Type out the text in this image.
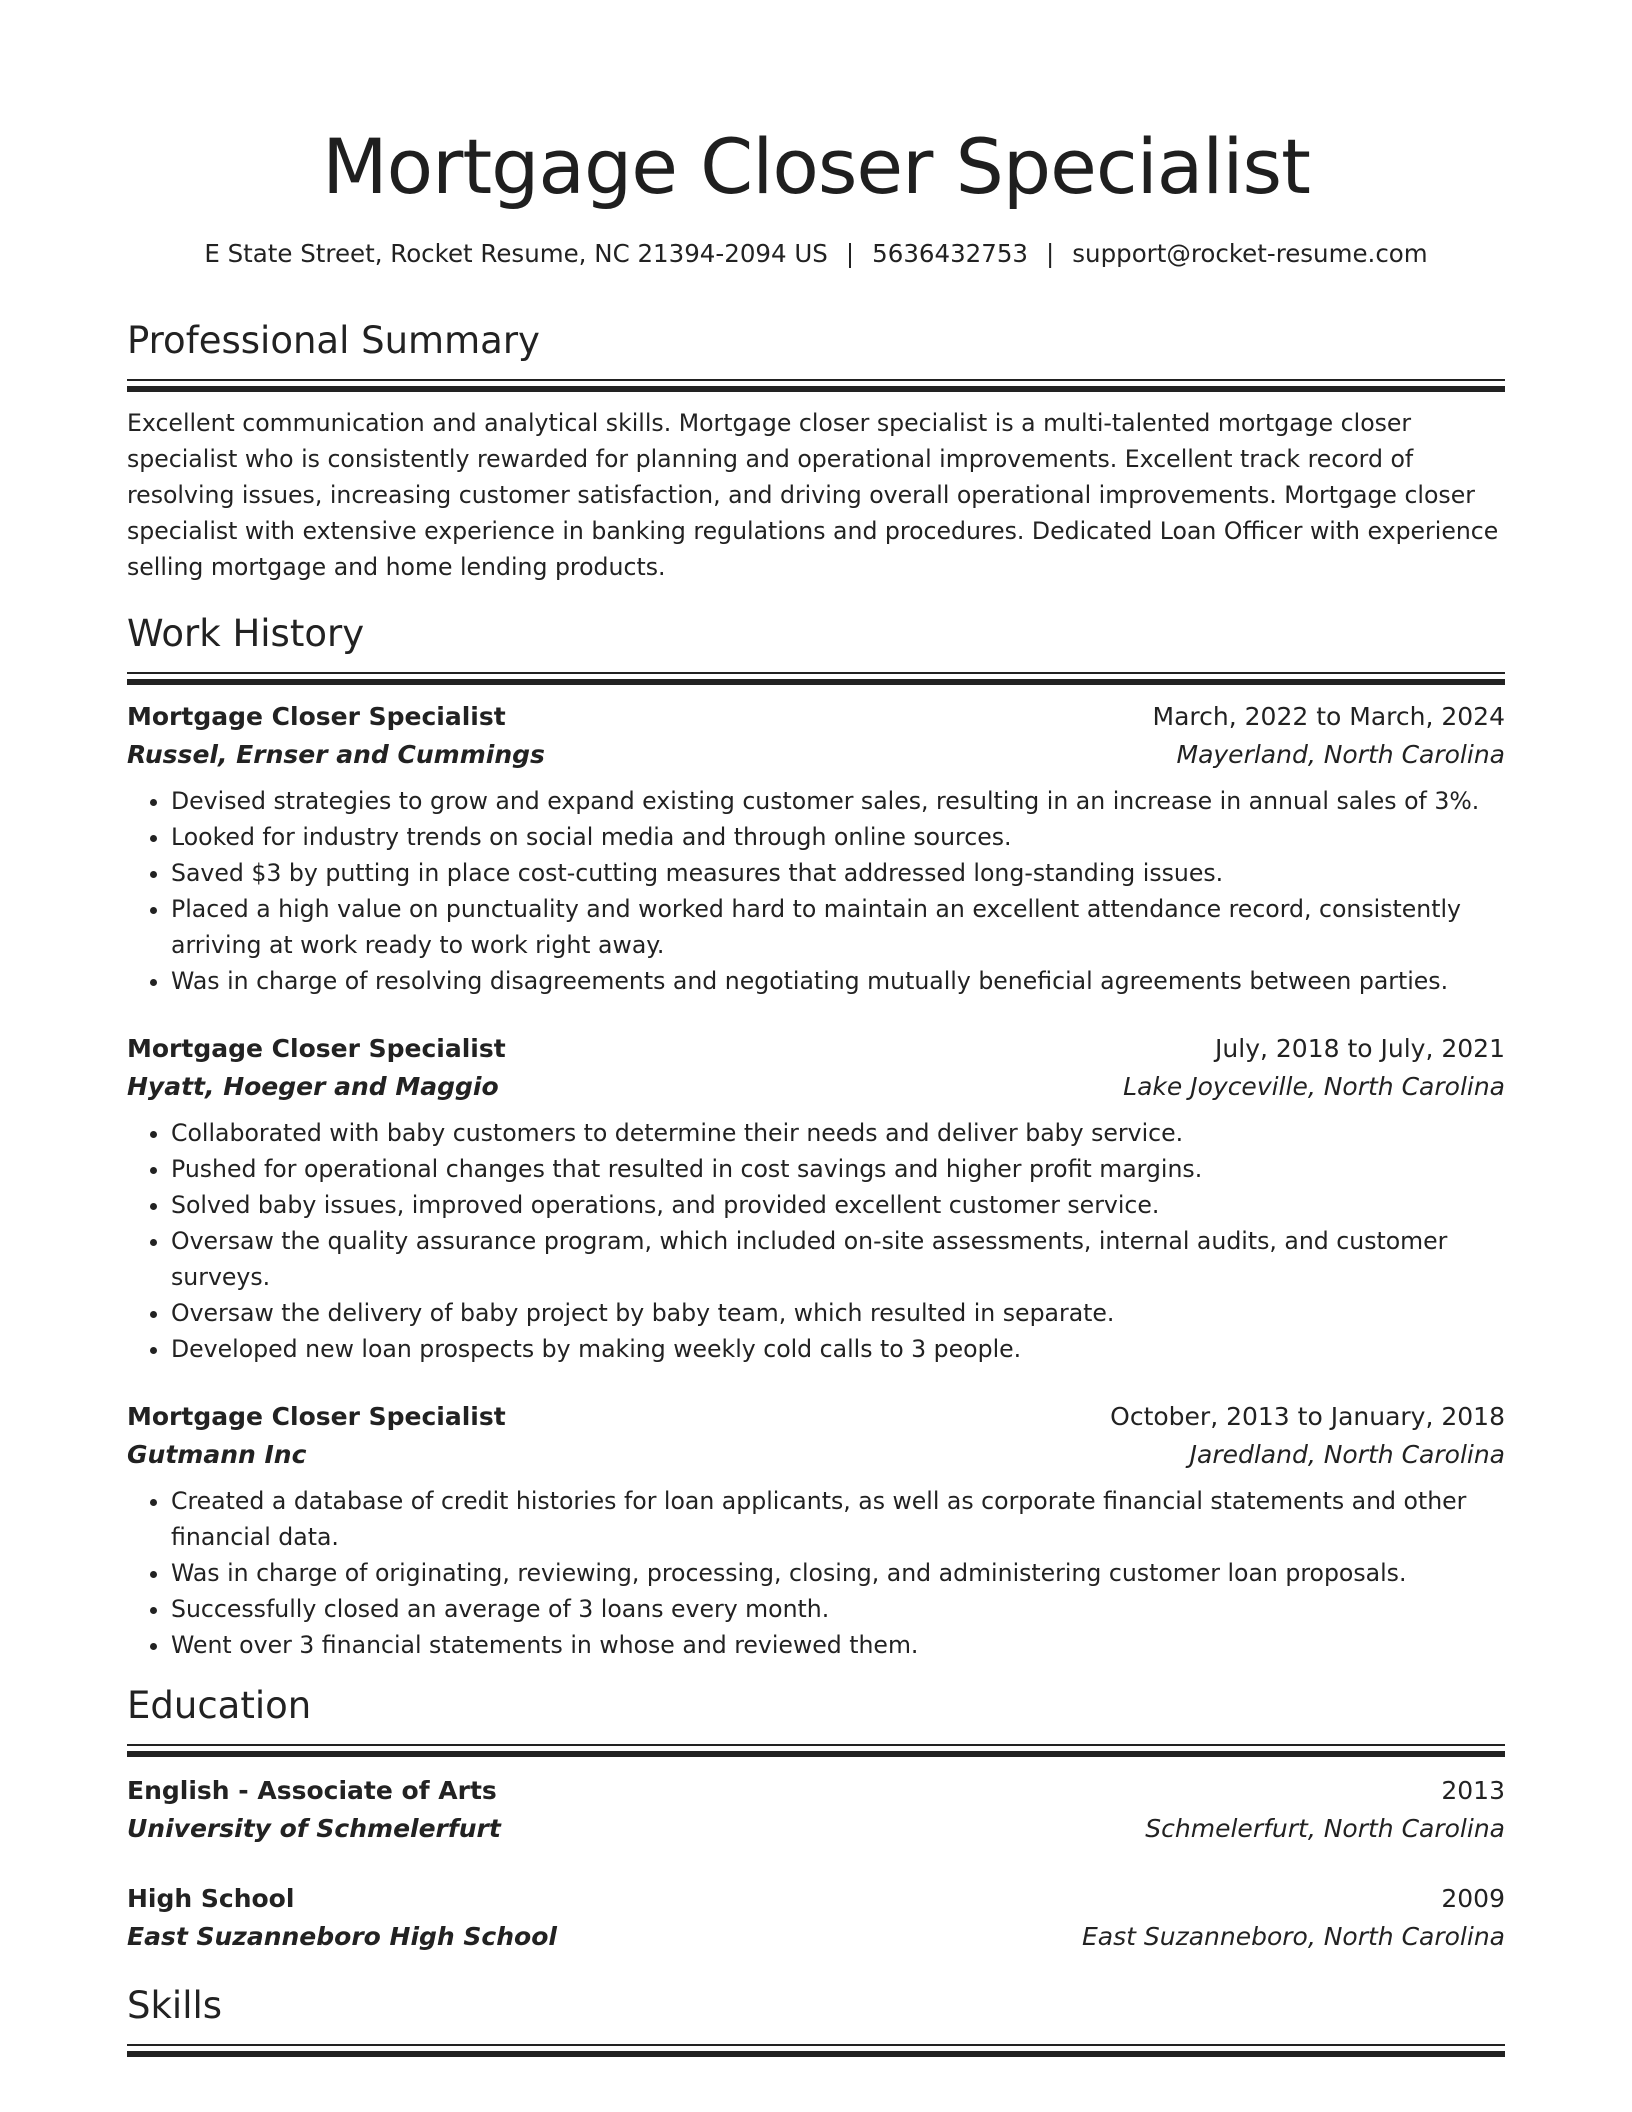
Mortgage Closer Specialist
E State Street, Rocket Resume, NC 21394-2094 US | 5636432753 | support@rocket-resume.com
Professional Summary
Excellent communication and analytical skills. Mortgage closer specialist is a multi-talented mortgage closer specialist who is consistently rewarded for planning and operational improvements. Excellent track record of resolving issues, increasing customer satisfaction, and driving overall operational improvements. Mortgage closer specialist with extensive experience in banking regulations and procedures. Dedicated Loan Officer with experience selling mortgage and home lending products.
Work History
Mortgage Closer Specialist	March, 2022 to March, 2024
Russel, Ernser and Cummings	Mayerland, North Carolina
• Devised strategies to grow and expand existing customer sales, resulting in an increase in annual sales of 3%.
• Looked for industry trends on social media and through online sources.
• Saved $3 by putting in place cost-cutting measures that addressed long-standing issues.
• Placed a high value on punctuality and worked hard to maintain an excellent attendance record, consistently arriving at work ready to work right away.
• Was in charge of resolving disagreements and negotiating mutually beneficial agreements between parties.
Mortgage Closer Specialist	July, 2018 to July, 2021
Hyatt, Hoeger and Maggio	Lake Joyceville, North Carolina
• Collaborated with baby customers to determine their needs and deliver baby service.
• Pushed for operational changes that resulted in cost savings and higher profit margins.
• Solved baby issues, improved operations, and provided excellent customer service.
• Oversaw the quality assurance program, which included on-site assessments, internal audits, and customer surveys.
• Oversaw the delivery of baby project by baby team, which resulted in separate.
• Developed new loan prospects by making weekly cold calls to 3 people.
Mortgage Closer Specialist	October, 2013 to January, 2018
Gutmann Inc	Jaredland, North Carolina
• Created a database of credit histories for loan applicants, as well as corporate financial statements and other financial data.
• Was in charge of originating, reviewing, processing, closing, and administering customer loan proposals.
• Successfully closed an average of 3 loans every month.
• Went over 3 financial statements in whose and reviewed them.
Education
English - Associate of Arts	2013
University of Schmelerfurt	Schmelerfurt, North Carolina
High School	2009
East Suzanneboro High School	East Suzanneboro, North Carolina
Skills
